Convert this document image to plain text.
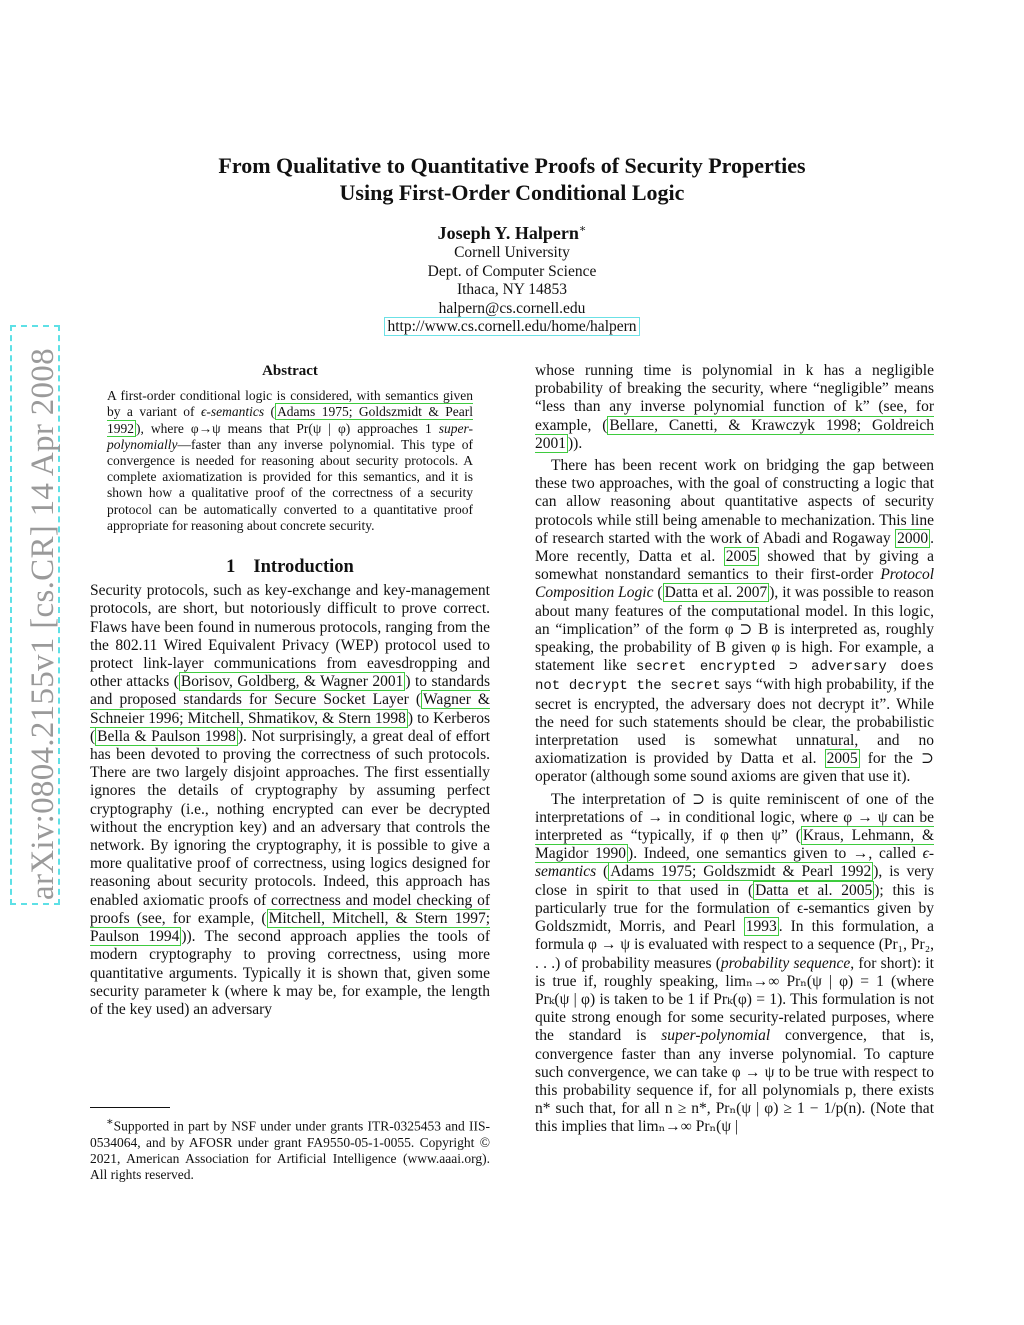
arXiv:0804.2155v1 [cs.CR] 14 Apr 2008
From Qualitative to Quantitative Proofs of Security Properties
Using First-Order Conditional Logic
Joseph Y. Halpern∗
Cornell University
Dept. of Computer Science
Ithaca, NY 14853
halpern@cs.cornell.edu
http://www.cs.cornell.edu/home/halpern
Abstract

A first-order conditional logic is considered, with semantics given by a variant of ϵ-semantics ( Adams 1975; Goldszmidt & Pearl 1992 ), where φ→ψ means that Pr(ψ | φ) approaches 1 super-polynomially—faster than any inverse polynomial. This type of convergence is needed for reasoning about security protocols. A complete axiomatization is provided for this semantics, and it is shown how a qualitative proof of the correctness of a security protocol can be automatically converted to a quantitative proof appropriate for reasoning about concrete security.

1 Introduction

Security protocols, such as key-exchange and key-management protocols, are short, but notoriously difficult to prove correct. Flaws have been found in numerous protocols, ranging from the the 802.11 Wired Equivalent Privacy (WEP) protocol used to protect link-layer communications from eavesdropping and other attacks ( Borisov, Goldberg, & Wagner 2001 ) to standards and proposed standards for Secure Socket Layer ( Wagner & Schneier 1996; Mitchell, Shmatikov, & Stern 1998 ) to Kerberos ( Bella & Paulson 1998 ). Not surprisingly, a great deal of effort has been devoted to proving the correctness of such protocols. There are two largely disjoint approaches. The first essentially ignores the details of cryptography by assuming perfect cryptography (i.e., nothing encrypted can ever be decrypted without the encryption key) and an adversary that controls the network. By ignoring the cryptography, it is possible to give a more qualitative proof of correctness, using logics designed for reasoning about security protocols. Indeed, this approach has enabled axiomatic proofs of correctness and model checking of proofs (see, for example, ( Mitchell, Mitchell, & Stern 1997; Paulson 1994 )). The second approach applies the tools of modern cryptography to proving correctness, using more quantitative arguments. Typically it is shown that, given some security parameter k (where k may be, for example, the length of the key used) an adversary

∗Supported in part by NSF under under grants ITR-0325453 and IIS-0534064, and by AFOSR under grant FA9550-05-1-0055. Copyright © 2021, American Association for Artificial Intelligence (www.aaai.org). All rights reserved.

whose running time is polynomial in k has a negligible probability of breaking the security, where “negligible” means “less than any inverse polynomial function of k” (see, for example, ( Bellare, Canetti, & Krawczyk 1998; Goldreich 2001 )).

There has been recent work on bridging the gap between these two approaches, with the goal of constructing a logic that can allow reasoning about quantitative aspects of security protocols while still being amenable to mechanization. This line of research started with the work of Abadi and Rogaway 2000 . More recently, Datta et al. 2005 showed that by giving a somewhat nonstandard semantics to their first-order Protocol Composition Logic ( Datta et al. 2007 ), it was possible to reason about many features of the computational model. In this logic, an “implication” of the form φ ⊃ B is interpreted as, roughly speaking, the probability of B given φ is high. For example, a statement like secret encrypted ⊃ adversary does not decrypt the secret says “with high probability, if the secret is encrypted, the adversary does not decrypt it”. While the need for such statements should be clear, the probabilistic interpretation used is somewhat unnatural, and no axiomatization is provided by Datta et al. 2005 for the ⊃ operator (although some sound axioms are given that use it).

The interpretation of ⊃ is quite reminiscent of one of the interpretations of → in conditional logic, where φ → ψ can be interpreted as “typically, if φ then ψ” ( Kraus, Lehmann, & Magidor 1990 ). Indeed, one semantics given to →, called ϵ-semantics ( Adams 1975; Goldszmidt & Pearl 1992 ), is very close in spirit to that used in ( Datta et al. 2005 ); this is particularly true for the formulation of ϵ-semantics given by Goldszmidt, Morris, and Pearl 1993 . In this formulation, a formula φ → ψ is evaluated with respect to a sequence (Pr₁, Pr₂, . . .) of probability measures (probability sequence, for short): it is true if, roughly speaking, limₙ→∞ Prₙ(ψ | φ) = 1 (where Prₖ(ψ | φ) is taken to be 1 if Prₖ(φ) = 1). This formulation is not quite strong enough for some security-related purposes, where the standard is super-polynomial convergence, that is, convergence faster than any inverse polynomial. To capture such convergence, we can take φ → ψ to be true with respect to this probability sequence if, for all polynomials p, there exists n* such that, for all n ≥ n*, Prₙ(ψ | φ) ≥ 1 − 1/p(n). (Note that this implies that limₙ→∞ Prₙ(ψ |
